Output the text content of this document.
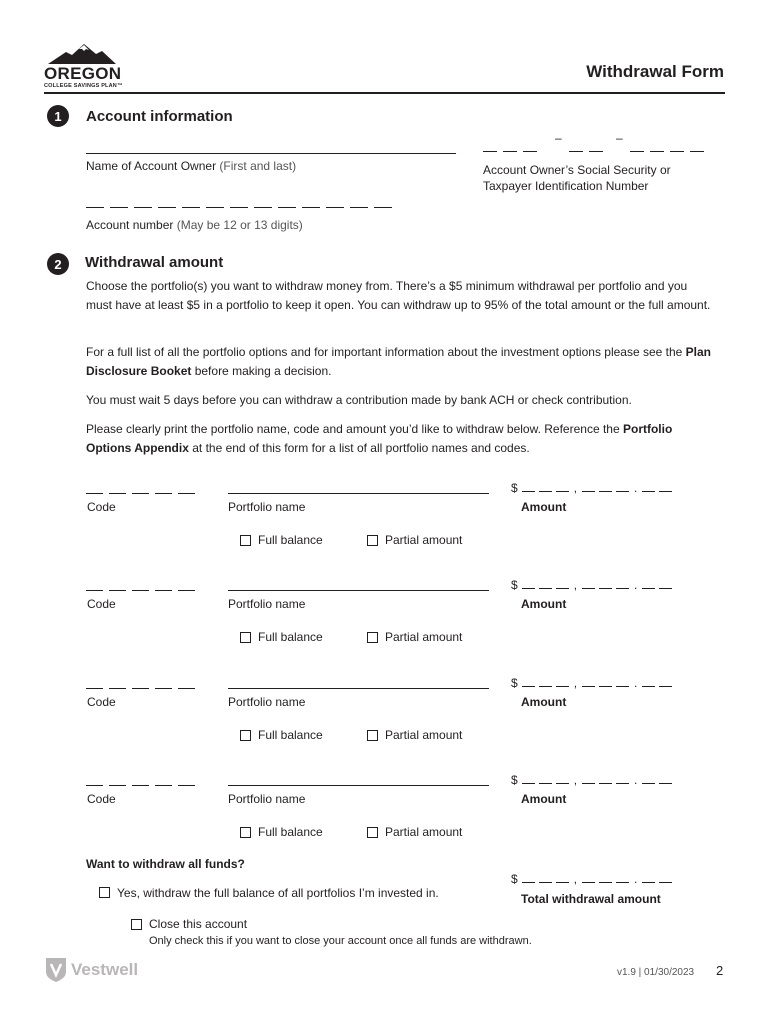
OREGON
COLLEGE SAVINGS PLAN™
Withdrawal Form
1	Account information
Name of Account Owner (First and last)
–	–
Account Owner’s Social Security or
Taxpayer Identification Number
Account number (May be 12 or 13 digits)
2	Withdrawal amount
Choose the portfolio(s) you want to withdraw money from. There’s a $5 minimum withdrawal per portfolio and you must have at least $5 in a portfolio to keep it open. You can withdraw up to 95% of the total amount or the full amount.
For a full list of all the portfolio options and for important information about the investment options please see the Plan Disclosure Booket before making a decision.
You must wait 5 days before you can withdraw a contribution made by bank ACH or check contribution.
Please clearly print the portfolio name, code and amount you’d like to withdraw below. Reference the Portfolio Options Appendix at the end of this form for a list of all portfolio names and codes.
Code	Portfolio name
$	,	.
Amount
Full balance	Partial amount
Code	Portfolio name
$	,	.
Amount
Full balance	Partial amount
Code	Portfolio name
$	,	.
Amount
Full balance	Partial amount
Code	Portfolio name
$	,	.
Amount
Full balance	Partial amount
Want to withdraw all funds?
Yes, withdraw the full balance of all portfolios I’m invested in.
$	,	.
Total withdrawal amount
Close this account
Only check this if you want to close your account once all funds are withdrawn.
Vestwell	v1.9 | 01/30/2023 2
